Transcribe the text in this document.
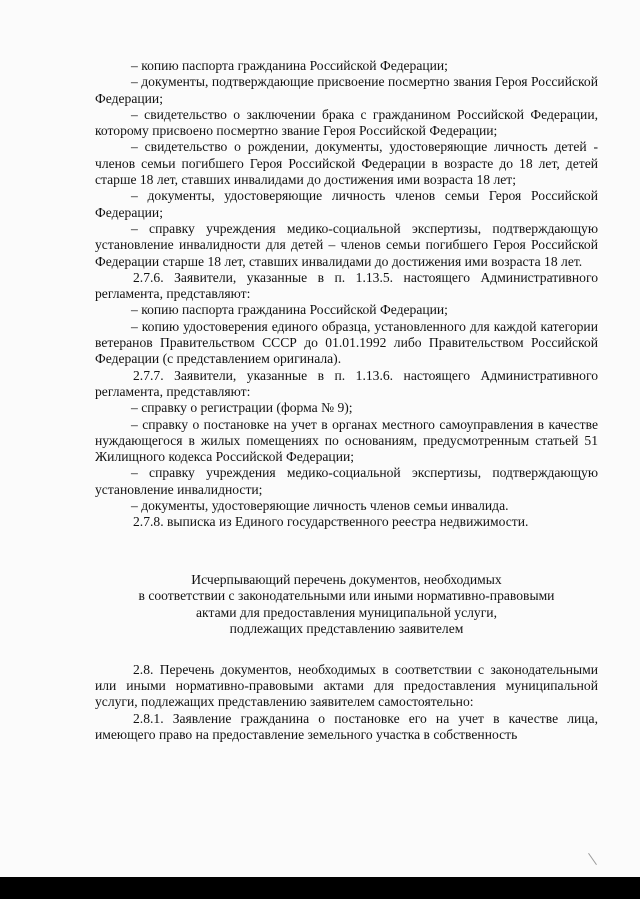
– копию паспорта гражданина Российской Федерации;

– документы, подтверждающие присвоение посмертно звания Героя Российской Федерации;

– свидетельство о заключении брака с гражданином Российской Федерации, которому присвоено посмертно звание Героя Российской Федерации;

– свидетельство о рождении, документы, удостоверяющие личность детей - членов семьи погибшего Героя Российской Федерации в возрасте до 18 лет, детей старше 18 лет, ставших инвалидами до достижения ими возраста 18 лет;

– документы, удостоверяющие личность членов семьи Героя Российской Федерации;

– справку учреждения медико-социальной экспертизы, подтверждающую установление инвалидности для детей – членов семьи погибшего Героя Российской Федерации старше 18 лет, ставших инвалидами до достижения ими возраста 18 лет.

2.7.6. Заявители, указанные в п. 1.13.5. настоящего Административного регламента, представляют:

– копию паспорта гражданина Российской Федерации;

– копию удостоверения единого образца, установленного для каждой категории ветеранов Правительством СССР до 01.01.1992 либо Правительством Российской Федерации (с представлением оригинала).

2.7.7. Заявители, указанные в п. 1.13.6. настоящего Административного регламента, представляют:

– справку о регистрации (форма № 9);

– справку о постановке на учет в органах местного самоуправления в качестве нуждающегося в жилых помещениях по основаниям, предусмотренным статьей 51 Жилищного кодекса Российской Федерации;

– справку учреждения медико-социальной экспертизы, подтверждающую установление инвалидности;

– документы, удостоверяющие личность членов семьи инвалида.

2.7.8. выписка из Единого государственного реестра недвижимости.

Исчерпывающий перечень документов, необходимых

в соответствии с законодательными или иными нормативно-правовыми

актами для предоставления муниципальной услуги,

подлежащих представлению заявителем

2.8. Перечень документов, необходимых в соответствии с законодательными или иными нормативно-правовыми актами для предоставления муниципальной услуги, подлежащих представлению заявителем самостоятельно:

2.8.1. Заявление гражданина о постановке его на учет в качестве лица, имеющего право на предоставление земельного участка в собственность
